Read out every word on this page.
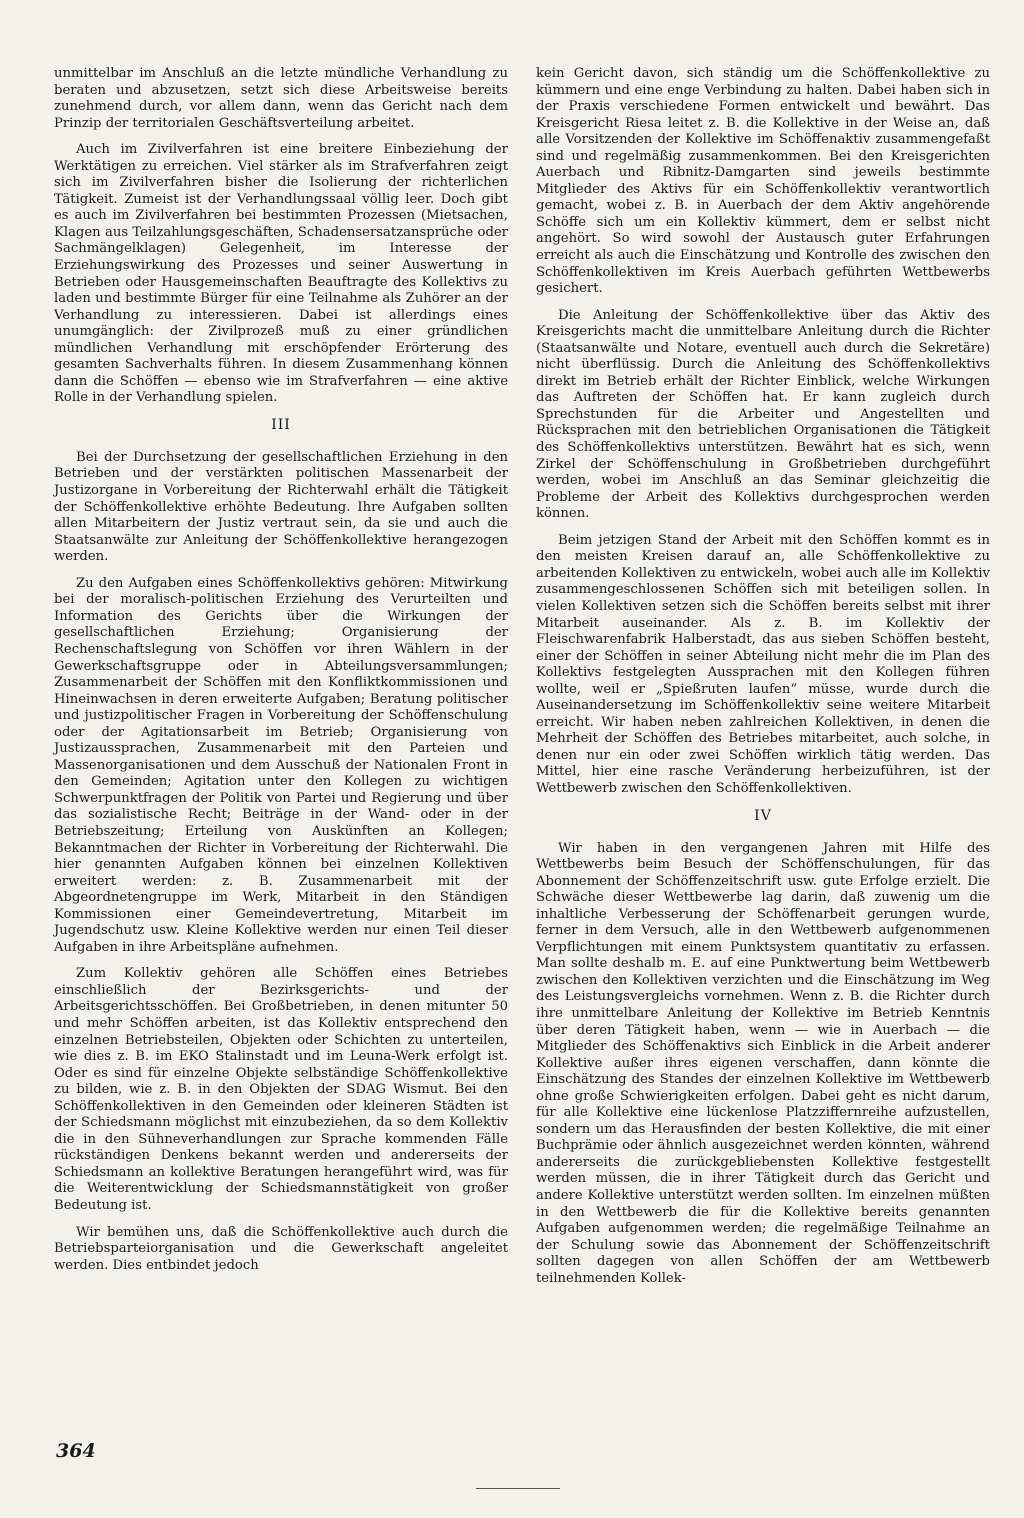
unmittelbar im Anschluß an die letzte mündliche Verhandlung zu beraten und abzusetzen, setzt sich diese Arbeitsweise bereits zunehmend durch, vor allem dann, wenn das Gericht nach dem Prinzip der territorialen Geschäftsverteilung arbeitet.

Auch im Zivilverfahren ist eine breitere Einbeziehung der Werktätigen zu erreichen. Viel stärker als im Strafverfahren zeigt sich im Zivilverfahren bisher die Isolierung der richterlichen Tätigkeit. Zumeist ist der Verhandlungssaal völlig leer. Doch gibt es auch im Zivilverfahren bei bestimmten Prozessen (Mietsachen, Klagen aus Teilzahlungsgeschäften, Schadensersatzansprüche oder Sachmängelklagen) Gelegenheit, im Interesse der Erziehungswirkung des Prozesses und seiner Auswertung in Betrieben oder Hausgemeinschaften Beauftragte des Kollektivs zu laden und bestimmte Bürger für eine Teilnahme als Zuhörer an der Verhandlung zu interessieren. Dabei ist allerdings eines unumgänglich: der Zivilprozeß muß zu einer gründlichen mündlichen Verhandlung mit erschöpfender Erörterung des gesamten Sachverhalts führen. In diesem Zusammenhang können dann die Schöffen — ebenso wie im Strafverfahren — eine aktive Rolle in der Verhandlung spielen.

III

Bei der Durchsetzung der gesellschaftlichen Erziehung in den Betrieben und der verstärkten politischen Massenarbeit der Justizorgane in Vorbereitung der Richterwahl erhält die Tätigkeit der Schöffenkollektive erhöhte Bedeutung. Ihre Aufgaben sollten allen Mitarbeitern der Justiz vertraut sein, da sie und auch die Staatsanwälte zur Anleitung der Schöffenkollektive herangezogen werden.

Zu den Aufgaben eines Schöffenkollektivs gehören: Mitwirkung bei der moralisch-politischen Erziehung des Verurteilten und Information des Gerichts über die Wirkungen der gesellschaftlichen Erziehung; Organisierung der Rechenschaftslegung von Schöffen vor ihren Wählern in der Gewerkschaftsgruppe oder in Abteilungsversammlungen; Zusammenarbeit der Schöffen mit den Konfliktkommissionen und Hineinwachsen in deren erweiterte Aufgaben; Beratung politischer und justizpolitischer Fragen in Vorbereitung der Schöffenschulung oder der Agitationsarbeit im Betrieb; Organisierung von Justizaussprachen, Zusammenarbeit mit den Parteien und Massenorganisationen und dem Ausschuß der Nationalen Front in den Gemeinden; Agitation unter den Kollegen zu wichtigen Schwerpunktfragen der Politik von Partei und Regierung und über das sozialistische Recht; Beiträge in der Wand- oder in der Betriebszeitung; Erteilung von Auskünften an Kollegen; Bekanntmachen der Richter in Vorbereitung der Richterwahl. Die hier genannten Aufgaben können bei einzelnen Kollektiven erweitert werden: z. B. Zusammenarbeit mit der Abgeordnetengruppe im Werk, Mitarbeit in den Ständigen Kommissionen einer Gemeindevertretung, Mitarbeit im Jugendschutz usw. Kleine Kollektive werden nur einen Teil dieser Aufgaben in ihre Arbeitspläne aufnehmen.

Zum Kollektiv gehören alle Schöffen eines Betriebes einschließlich der Bezirksgerichts- und der Arbeitsgerichtsschöffen. Bei Großbetrieben, in denen mitunter 50 und mehr Schöffen arbeiten, ist das Kollektiv entsprechend den einzelnen Betriebsteilen, Objekten oder Schichten zu unterteilen, wie dies z. B. im EKO Stalinstadt und im Leuna-Werk erfolgt ist. Oder es sind für einzelne Objekte selbständige Schöffenkollektive zu bilden, wie z. B. in den Objekten der SDAG Wismut. Bei den Schöffenkollektiven in den Gemeinden oder kleineren Städten ist der Schiedsmann möglichst mit einzubeziehen, da so dem Kollektiv die in den Sühneverhandlungen zur Sprache kommenden Fälle rückständigen Denkens bekannt werden und andererseits der Schiedsmann an kollektive Beratungen herangeführt wird, was für die Weiterentwicklung der Schiedsmannstätigkeit von großer Bedeutung ist.

Wir bemühen uns, daß die Schöffenkollektive auch durch die Betriebsparteiorganisation und die Gewerkschaft angeleitet werden. Dies entbindet jedoch

kein Gericht davon, sich ständig um die Schöffenkollektive zu kümmern und eine enge Verbindung zu halten. Dabei haben sich in der Praxis verschiedene Formen entwickelt und bewährt. Das Kreisgericht Riesa leitet z. B. die Kollektive in der Weise an, daß alle Vorsitzenden der Kollektive im Schöffenaktiv zusammengefaßt sind und regelmäßig zusammenkommen. Bei den Kreisgerichten Auerbach und Ribnitz-Damgarten sind jeweils bestimmte Mitglieder des Aktivs für ein Schöffenkollektiv verantwortlich gemacht, wobei z. B. in Auerbach der dem Aktiv angehörende Schöffe sich um ein Kollektiv kümmert, dem er selbst nicht angehört. So wird sowohl der Austausch guter Erfahrungen erreicht als auch die Einschätzung und Kontrolle des zwischen den Schöffenkollektiven im Kreis Auerbach geführten Wettbewerbs gesichert.

Die Anleitung der Schöffenkollektive über das Aktiv des Kreisgerichts macht die unmittelbare Anleitung durch die Richter (Staatsanwälte und Notare, eventuell auch durch die Sekretäre) nicht überflüssig. Durch die Anleitung des Schöffenkollektivs direkt im Betrieb erhält der Richter Einblick, welche Wirkungen das Auftreten der Schöffen hat. Er kann zugleich durch Sprechstunden für die Arbeiter und Angestellten und Rücksprachen mit den betrieblichen Organisationen die Tätigkeit des Schöffenkollektivs unterstützen. Bewährt hat es sich, wenn Zirkel der Schöffenschulung in Großbetrieben durchgeführt werden, wobei im Anschluß an das Seminar gleichzeitig die Probleme der Arbeit des Kollektivs durchgesprochen werden können.

Beim jetzigen Stand der Arbeit mit den Schöffen kommt es in den meisten Kreisen darauf an, alle Schöffenkollektive zu arbeitenden Kollektiven zu entwickeln, wobei auch alle im Kollektiv zusammengeschlossenen Schöffen sich mit beteiligen sollen. In vielen Kollektiven setzen sich die Schöffen bereits selbst mit ihrer Mitarbeit auseinander. Als z. B. im Kollektiv der Fleischwarenfabrik Halberstadt, das aus sieben Schöffen besteht, einer der Schöffen in seiner Abteilung nicht mehr die im Plan des Kollektivs festgelegten Aussprachen mit den Kollegen führen wollte, weil er „Spießruten laufen“ müsse, wurde durch die Auseinandersetzung im Schöffenkollektiv seine weitere Mitarbeit erreicht. Wir haben neben zahlreichen Kollektiven, in denen die Mehrheit der Schöffen des Betriebes mitarbeitet, auch solche, in denen nur ein oder zwei Schöffen wirklich tätig werden. Das Mittel, hier eine rasche Veränderung herbeizuführen, ist der Wettbewerb zwischen den Schöffenkollektiven.

IV

Wir haben in den vergangenen Jahren mit Hilfe des Wettbewerbs beim Besuch der Schöffenschulungen, für das Abonnement der Schöffenzeitschrift usw. gute Erfolge erzielt. Die Schwäche dieser Wettbewerbe lag darin, daß zuwenig um die inhaltliche Verbesserung der Schöffenarbeit gerungen wurde, ferner in dem Versuch, alle in den Wettbewerb aufgenommenen Verpflichtungen mit einem Punktsystem quantitativ zu erfassen. Man sollte deshalb m. E. auf eine Punktwertung beim Wettbewerb zwischen den Kollektiven verzichten und die Einschätzung im Weg des Leistungsvergleichs vornehmen. Wenn z. B. die Richter durch ihre unmittelbare Anleitung der Kollektive im Betrieb Kenntnis über deren Tätigkeit haben, wenn — wie in Auerbach — die Mitglieder des Schöffenaktivs sich Einblick in die Arbeit anderer Kollektive außer ihres eigenen verschaffen, dann könnte die Einschätzung des Standes der einzelnen Kollektive im Wettbewerb ohne große Schwierigkeiten erfolgen. Dabei geht es nicht darum, für alle Kollektive eine lückenlose Platzziffernreihe aufzustellen, sondern um das Herausfinden der besten Kollektive, die mit einer Buchprämie oder ähnlich ausgezeichnet werden könnten, während andererseits die zurückgebliebensten Kollektive festgestellt werden müssen, die in ihrer Tätigkeit durch das Gericht und andere Kollektive unterstützt werden sollten. Im einzelnen müßten in den Wettbewerb die für die Kollektive bereits genannten Aufgaben aufgenommen werden; die regelmäßige Teilnahme an der Schulung sowie das Abonnement der Schöffenzeitschrift sollten dagegen von allen Schöffen der am Wettbewerb teilnehmenden Kollek-

364
